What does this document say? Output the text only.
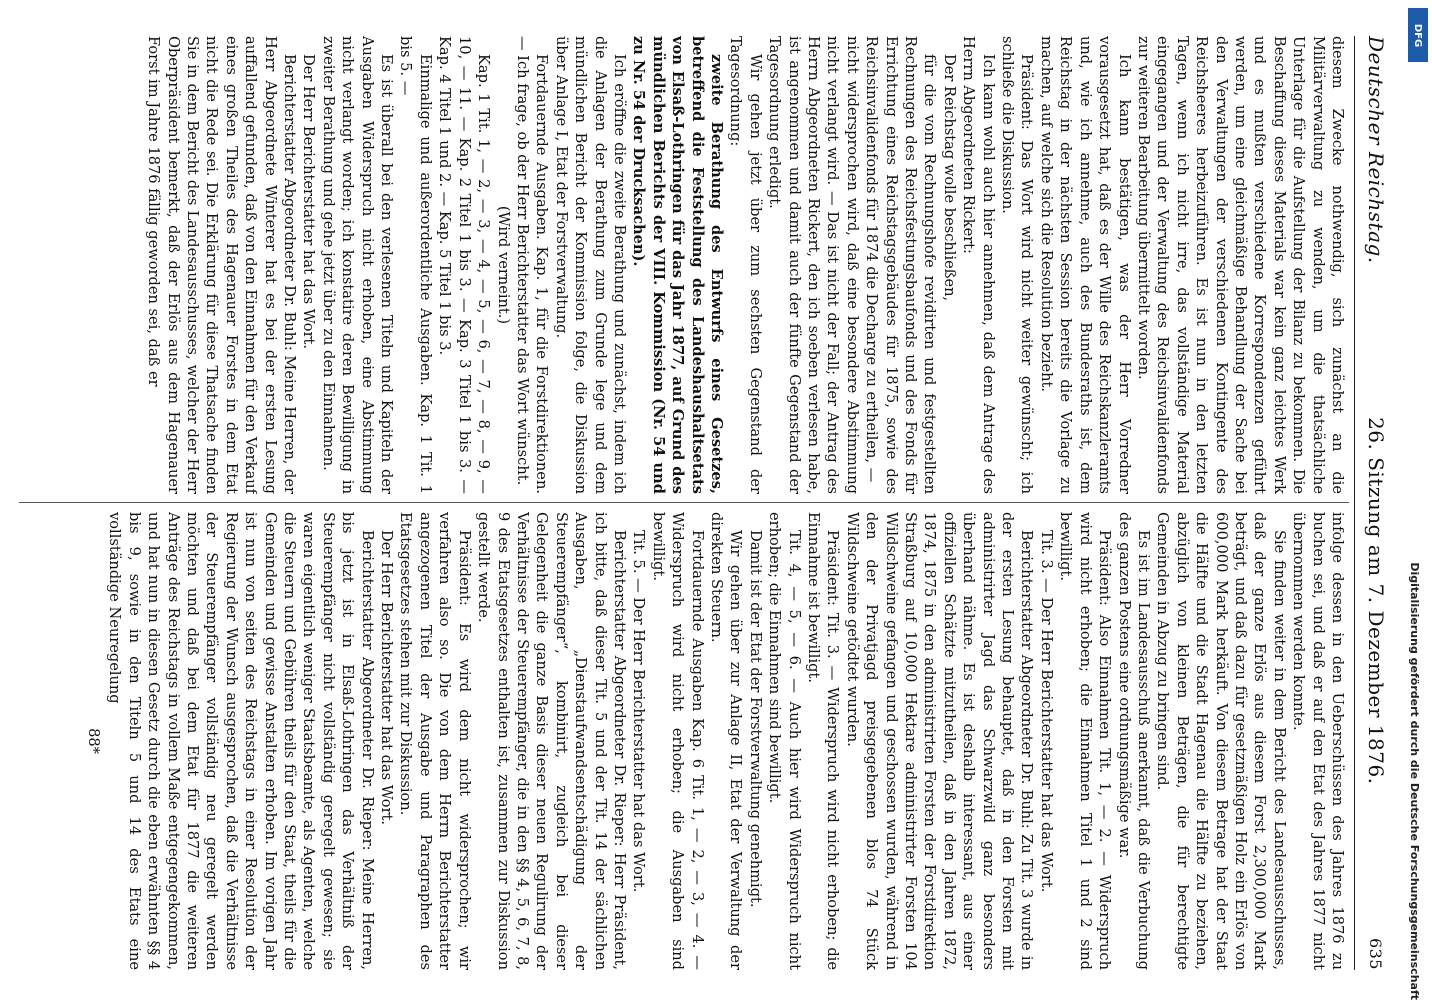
Deutscher Reichstag.
26. Sitzung am 7. Dezember 1876.
635

diesem Zwecke nothwendig, sich zunächst an die Militärverwaltung zu wenden, um die thatsächliche Unterlage für die Aufstellung der Bilanz zu bekommen. Die Beschaffung dieses Materials war kein ganz leichtes Werk und es mußten verschiedene Korrespondenzen geführt werden, um eine gleichmäßige Behandlung der Sache bei den Verwaltungen der verschiedenen Kontingente des Reichsheeres herbeizuführen. Es ist nun in den letzten Tagen, wenn ich nicht irre, das vollständige Material eingegangen und der Verwaltung des Reichsinvalidenfonds zur weiteren Bearbeitung übermittelt worden.

Ich kann bestätigen, was der Herr Vorredner vorausgesetzt hat, daß es der Wille des Reichskanzleramts und, wie ich annehme, auch des Bundesraths ist, dem Reichstag in der nächsten Session bereits die Vorlage zu machen, auf welche sich die Resolution bezieht.

Präsident: Das Wort wird nicht weiter gewünscht; ich schließe die Diskussion.

Ich kann wohl auch hier annehmen, daß dem Antrage des Herrn Abgeordneten Rickert:

Der Reichstag wolle beschließen,

für die vom Rechnungshofe revidirten und festgestellten Rechnungen des Reichsfestungsbaufonds und des Fonds für Errichtung eines Reichstagsgebäudes für 1875, sowie des Reichsinvalidenfonds für 1874 die Decharge zu ertheilen, —

nicht widersprochen wird, daß eine besondere Abstimmung nicht verlangt wird. — Das ist nicht der Fall; der Antrag des Herrn Abgeordneten Rickert, den ich soeben verlesen habe, ist angenommen und damit auch der fünfte Gegenstand der Tagesordnung erledigt.

Wir gehen jetzt über zum sechsten Gegenstand der Tagesordnung:

zweite Berathung des Entwurfs eines Gesetzes, betreffend die Feststellung des Landeshaushaltsetats von Elsaß-Lothringen für das Jahr 1877, auf Grund des mündlichen Berichts der VIII. Kommission (Nr. 54 und zu Nr. 54 der Drucksachen).

Ich eröffne die zweite Berathung und zunächst, indem ich die Anlagen der Berathung zum Grunde lege und dem mündlichen Bericht der Kommission folge, die Diskussion über Anlage I, Etat der Forstverwaltung.

Fortdauernde Ausgaben. Kap. 1, für die Forstdirektionen. — Ich frage, ob der Herr Berichterstatter das Wort wünscht.

(Wird verneint.)

Kap. 1 Tit. 1, — 2, — 3, — 4, — 5, — 6, — 7, — 8, — 9, — 10, — 11. — Kap. 2 Titel 1 bis 3. — Kap. 3 Titel 1 bis 3. — Kap. 4 Titel 1 und 2. — Kap. 5 Titel 1 bis 3.

Einmalige und außerordentliche Ausgaben. Kap. 1 Tit. 1 bis 5. —

Es ist überall bei den verlesenen Titeln und Kapiteln der Ausgaben Widerspruch nicht erhoben, eine Abstimmung nicht verlangt worden; ich konstatire deren Bewilligung in zweiter Berathung und gehe jetzt über zu den Einnahmen.

Der Herr Berichterstatter hat das Wort.

Berichterstatter Abgeordneter Dr. Buhl: Meine Herren, der Herr Abgeordnete Winterer hat es bei der ersten Lesung auffallend gefunden, daß von den Einnahmen für den Verkauf eines großen Theiles des Hagenauer Forstes in dem Etat nicht die Rede sei. Die Erklärung für diese Thatsache finden Sie in dem Bericht des Landesausschusses, welcher der Herr Oberpräsident bemerkt, daß der Erlös aus dem Hagenauer Forst im Jahre 1876 fällig geworden sei, daß er

infolge dessen in den Ueberschüssen des Jahres 1876 zu buchen sei, und daß er auf den Etat des Jahres 1877 nicht übernommen werden konnte.

Sie finden weiter in dem Bericht des Landesausschusses, daß der ganze Erlös aus diesem Forst 2,300,000 Mark beträgt, und daß dazu für gesetzmäßigen Holz ein Erlös von 600,000 Mark herkäuft. Von diesem Betrage hat der Staat die Hälfte und die Stadt Hagenau die Hälfte zu beziehen, abzüglich von kleinen Beträgen, die für berechtigte Gemeinden in Abzug zu bringen sind.

Es ist im Landesausschuß anerkannt, daß die Verbuchung des ganzen Postens eine ordnungsmäßige war.

Präsident: Also Einnahmen Tit. 1, — 2. — Widerspruch wird nicht erhoben; die Einnahmen Titel 1 und 2 sind bewilligt.

Tit. 3. — Der Herr Berichterstatter hat das Wort.

Berichterstatter Abgeordneter Dr. Buhl: Zu Tit. 3 wurde in der ersten Lesung behauptet, daß in den Forsten mit administrirter Jagd das Schwarzwild ganz besonders überhand nähme. Es ist deshalb interessant, aus einer offiziellen Schätzte mitzutheilen, daß in den Jahren 1872, 1874, 1875 in den administrirten Forsten der Forstdirektion Straßburg auf 10,000 Hektare administrirter Forsten 104 Wildschweine gefangen und geschossen wurden, während in den der Privatjagd preisgegebenen blos 74 Stück Wildschweine getödtet wurden.

Präsident: Tit. 3. — Widerspruch wird nicht erhoben; die Einnahme ist bewilligt.

Tit. 4, — 5, — 6. — Auch hier wird Widerspruch nicht erhoben; die Einnahmen sind bewilligt.

Damit ist der Etat der Forstverwaltung genehmigt.

Wir gehen über zur Anlage II, Etat der Verwaltung der direkten Steuern.

Fortdauernde Ausgaben Kap. 6 Tit. 1, — 2, — 3, — 4. — Widerspruch wird nicht erhoben; die Ausgaben sind bewilligt.

Tit. 5. — Der Herr Berichterstatter hat das Wort.

Berichterstatter Abgeordneter Dr. Rieper: Herr Präsident, ich bitte, daß dieser Tit. 5 und der Tit. 14 der sächlichen Ausgaben, „Dienstaufwandsentschädigung der Steuerempfänger“, kombinirt, zugleich bei dieser Gelegenheit die ganze Basis dieser neuen Regulirung der Verhältnisse der Steuerempfänger, die in den §§ 4, 5, 6, 7, 8, 9 des Etatsgesetzes enthalten ist, zusammen zur Diskussion gestellt werde.

Präsident: Es wird dem nicht widersprochen; wir verfahren also so. Die von dem Herrn Berichterstatter angezogenen Titel der Ausgabe und Paragraphen des Etatsgesetzes stehen mit zur Diskussion.

Der Herr Berichterstatter hat das Wort.

Berichterstatter Abgeordneter Dr. Rieper: Meine Herren, bis jetzt ist in Elsaß-Lothringen das Verhältniß der Steuerempfänger nicht vollständig geregelt gewesen; sie waren eigentlich weniger Staatsbeamte, als Agenten, welche die Steuern und Gebühren theils für den Staat, theils für die Gemeinden und gewisse Anstalten erhoben. Im vorigen Jahr ist nun von seiten des Reichstags in einer Resolution der Regierung der Wunsch ausgesprochen, daß die Verhältnisse der Steuerempfänger vollständig neu geregelt werden möchten und daß bei dem Etat für 1877 die weiteren Anträge des Reichstags in vollem Maße entgegengekommen, und hat nun in diesen Gesetz durch die eben erwähnten §§ 4 bis 9, sowie in den Titeln 5 und 14 des Etats eine vollständige Neuregelung

88*

DFG
Digitalisierung gefördert durch die Deutsche Forschungsgemeinschaft
